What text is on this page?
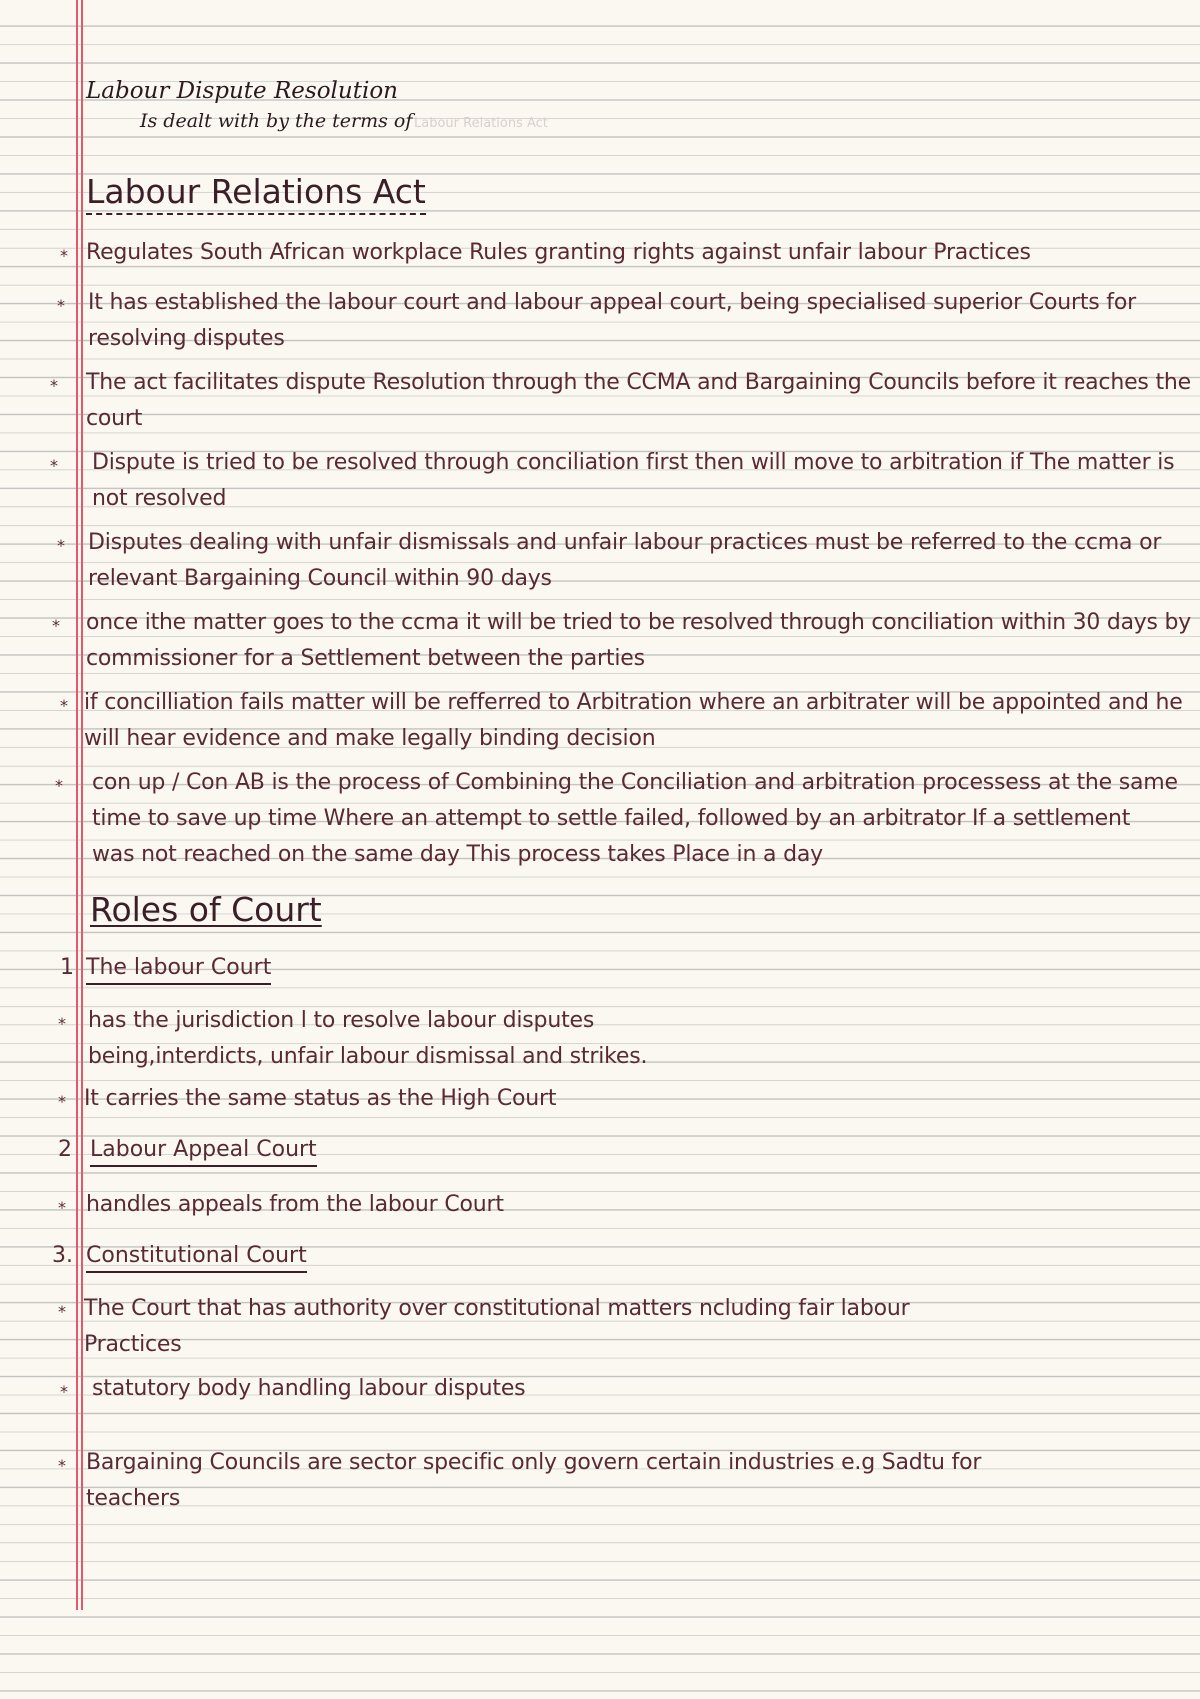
Labour Dispute Resolution
Is dealt with by the terms of Labour Relations Act
Labour Relations Act
* Regulates South African workplace Rules granting rights against unfair labour Practices
* It has established the labour court and labour appeal court, being specialised superior Courts for
resolving disputes
* The act facilitates dispute Resolution through the CCMA and Bargaining Councils before it reaches the
court
* Dispute is tried to be resolved through conciliation first then will move to arbitration if The matter is
not resolved
* Disputes dealing with unfair dismissals and unfair labour practices must be referred to the ccma or
relevant Bargaining Council within 90 days
* once ithe matter goes to the ccma it will be tried to be resolved through conciliation within 30 days by
commissioner for a Settlement between the parties
* if concilliation fails matter will be refferred to Arbitration where an arbitrater will be appointed and he
will hear evidence and make legally binding decision
* con up / Con AB is the process of Combining the Conciliation and arbitration processess at the same
time to save up time Where an attempt to settle failed, followed by an arbitrator If a settlement
was not reached on the same day This process takes Place in a day
Roles of Court
1 The labour Court
* has the jurisdiction l to resolve labour disputes
being,interdicts, unfair labour dismissal and strikes.
* It carries the same status as the High Court
2 Labour Appeal Court
* handles appeals from the labour Court
3. Constitutional Court
* The Court that has authority over constitutional matters ncluding fair labour
Practices
* statutory body handling labour disputes
* Bargaining Councils are sector specific only govern certain industries e.g Sadtu for
teachers
